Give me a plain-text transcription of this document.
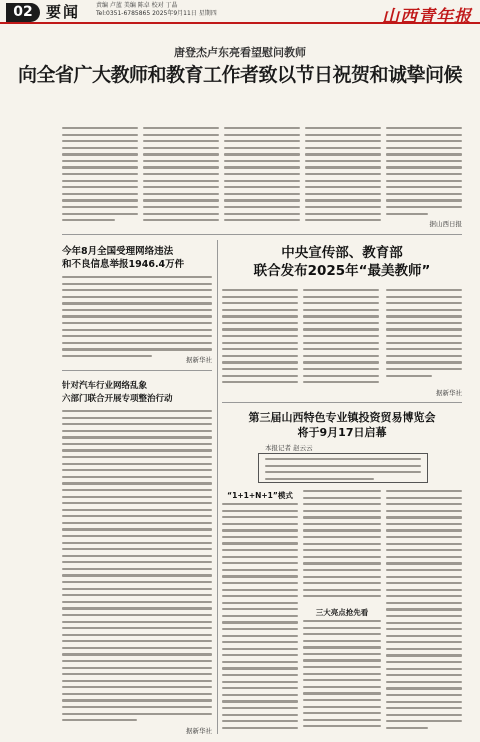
02 要闻	责编 卢蓝 美编 陈卓 校对 丁晶
Tel:0351-6785865 2025年9月11日 星期四	山西青年报
唐登杰卢东亮看望慰问教师
向全省广大教师和教育工作者致以节日祝贺和诚挚问候
据山西日报
今年8月全国受理网络违法
和不良信息举报1946.4万件
据新华社
针对汽车行业网络乱象
六部门联合开展专项整治行动
据新华社
中央宣传部、教育部
联合发布2025年“最美教师”
据新华社
第三届山西特色专业镇投资贸易博览会
将于9月17日启幕
本报记者 赵云云
“1+1+N+1”模式
三大亮点抢先看
